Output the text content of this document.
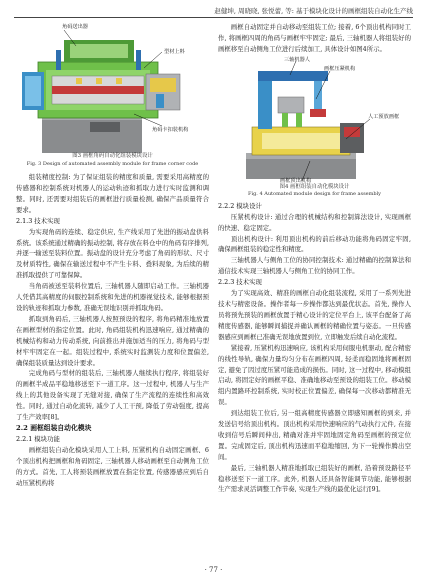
赵健坤, 周晓晓, 张悦蕾, 等: 基于模块化设计的画框组装自动化生产线
角码送出器
型材上料
角码卡扣装机构
图3 画框角码自动化组装模块设计
Fig. 3 Design of automated assembly module for frame corner code
组装精度控制: 为了保证组装的精度和质量, 需要采用高精度的传感器和控制系统对机器人的运动轨迹和抓取力进行实时监测和调整。同时, 还需要对组装后的画框进行质量检测, 确保产品质量符合要求。
2.1.3 技术实现
为实现角码的连续、稳定供应, 生产线采用了先进的振动盘供料系统。该系统通过精确的振动控制, 将存放在料仓中的角码有序排列, 并逐一输送至装料位置。振动盘的设计充分考虑了角码的形状、尺寸及材质特性, 确保在输送过程中不产生卡料、叠料现象, 为后续的精准抓取提供了可靠保障。
当角码被送至装料位置后, 三轴机器人随即启动工作。三轴机器人凭借其高精度的伺服控制系统和先进的机器视觉技术, 能够根据预设的轨迹和抓取力参数, 准确无误地识别并抓取角码。
抓取到角码后, 三轴机器人按照预设的程序, 将角码精准地放置在画框型材的指定位置。此时, 角码组装机构迅速响应, 通过精确的机械结构和动力传动系统, 向前推出并施加适当的压力, 将角码与型材牢牢固定在一起。组装过程中, 系统实时监测装力度和位置偏差, 确保组装质量达到设计要求。
完成角码与型材的组装后, 三轴机器人继续执行程序, 将组装好的画框半成品平稳地移送至下一道工序。这一过程中, 机器人与生产线上的其他设备实现了无缝对接, 确保了生产流程的连续性和高效性。同时, 通过自动化流转, 减少了人工干预, 降低了劳动强度, 提高了生产效率[8]。
2.2 画框组装自动化模块
2.2.1 模块功能
画框组装自动化模块采用人工上料, 压紧机构自动固定画框、6个顶出机构把画框和角码固定, 三轴机器人移动画框至自动侧角工位的方式。首先, 工人将预装画框放置在指定位置, 传感器感应到后自动压紧机构将
画框自动固定并自动移动至组装工位; 接着, 6个顶出机构同时工作, 将画框四周的角码与画框牢牢固定; 最后, 三轴机器人将组装好的画框移至自动侧角工位进行后续加工, 具体设计如图4所示。
三轴机器人
画框压紧机构
人工预放画框
画框顶出机构
图4 画框组装自动化模块设计
Fig. 4 Automated module design for frame assembly
2.2.2 模块设计
压紧机构设计: 通过合理的机械结构和控制算法设计, 实现画框的快速、稳定固定。
顶出机构设计: 利用顶出机构的前后移动功能将角码固定牢固, 确保画框组装的稳定性和精度。
三轴机器人与侧角工位的协同控制技术: 通过精确的控制算法和通信技术实现三轴机器人与侧角工位的协同工作。
2.2.3 技术实现
为了实现高效、精准的画框自动化组装流程, 采用了一系列先进技术与精密设备。操作者每一步操作都达到最优状态。首先, 操作人员将预先预装的画框放置于精心设计的定位平台上, 该平台配备了高精度传感器, 能够瞬间捕捉并确认画框的精确位置与姿态。一旦传感器感应到画框已准确无误地放置到位, 立即触发后续自动化流程。
紧接着, 压紧机构迅速响应, 该机构采用伺服电机驱动, 配合精密的线性导轨, 确保力量均匀分布在画框四周, 轻柔而稳固地将画框固定, 避免了因过度压紧可能造成的损伤。同时, 这一过程中, 移动模组启动, 将固定好的画框平稳、准确地移动至预设的组装工位。移动模组内置路环控制系统, 实时校正位置偏差, 确保每一次移动都精准无误。
到达组装工位后, 另一组高精度传感器立即感知画框的到来, 并发送信号给顶出机构。顶出机构采用快速响应的气动执行元件, 在接收到信号后瞬间伸出, 精确对准并牢固地固定角码至画框的预定位置。完成固定后, 顶出机构迅速而平稳地缩回, 为下一轮操作腾出空间。
最后, 三轴机器人精准地抓取已组装好的画框, 沿着预设路径平稳移送至下一道工序。此外, 机器人还具备智能调节功能, 能够根据生产需求灵活调整工作节奏, 实现生产线的最优化运行[9]。
· 77 ·
